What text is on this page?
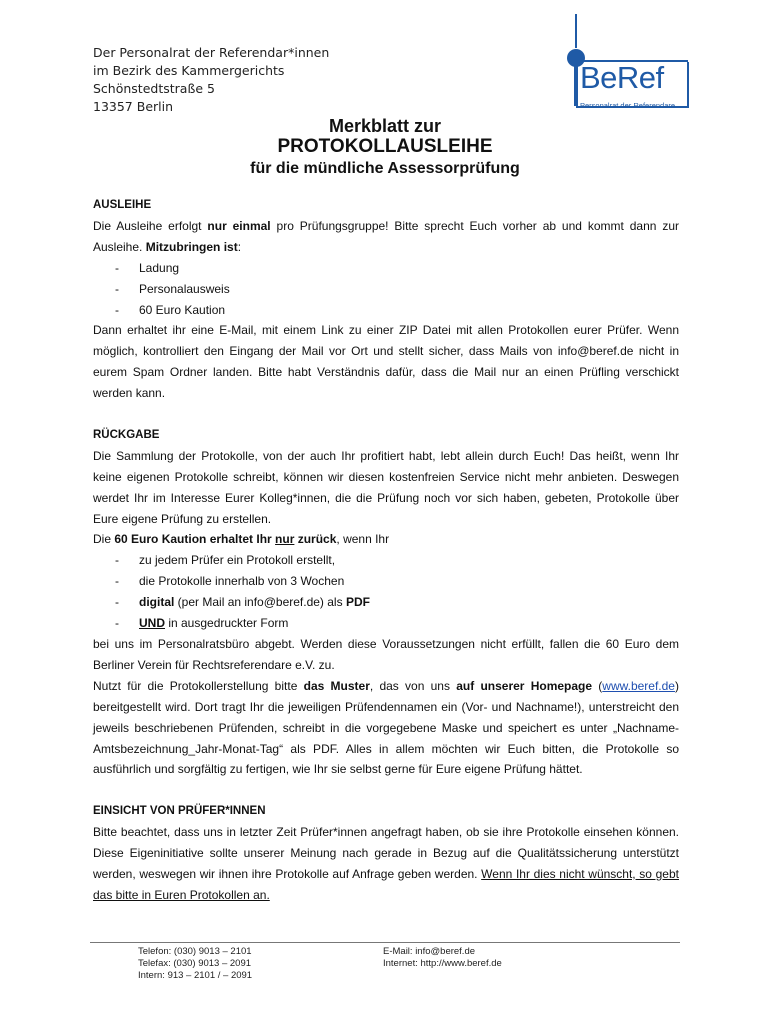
Der Personalrat der Referendar*innen
im Bezirk des Kammergerichts
Schönstedtstraße 5
13357 Berlin
BeRef
Personalrat der Referendare
Merkblatt zur
PROTOKOLLAUSLEIHE
für die mündliche Assessorprüfung

AUSLEIHE

Die Ausleihe erfolgt nur einmal pro Prüfungsgruppe! Bitte sprecht Euch vorher ab und kommt dann zur Ausleihe. Mitzubringen ist:

- Ladung
- Personalausweis
- 60 Euro Kaution

Dann erhaltet ihr eine E-Mail, mit einem Link zu einer ZIP Datei mit allen Protokollen eurer Prüfer. Wenn möglich, kontrolliert den Eingang der Mail vor Ort und stellt sicher, dass Mails von info@beref.de nicht in eurem Spam Ordner landen. Bitte habt Verständnis dafür, dass die Mail nur an einen Prüfling verschickt werden kann.

RÜCKGABE

Die Sammlung der Protokolle, von der auch Ihr profitiert habt, lebt allein durch Euch! Das heißt, wenn Ihr keine eigenen Protokolle schreibt, können wir diesen kostenfreien Service nicht mehr anbieten. Deswegen werdet Ihr im Interesse Eurer Kolleg*innen, die die Prüfung noch vor sich haben, gebeten, Protokolle über Eure eigene Prüfung zu erstellen.

Die 60 Euro Kaution erhaltet Ihr nur zurück, wenn Ihr

- zu jedem Prüfer ein Protokoll erstellt,
- die Protokolle innerhalb von 3 Wochen
- digital (per Mail an info@beref.de) als PDF
- UND in ausgedruckter Form

bei uns im Personalratsbüro abgebt. Werden diese Voraussetzungen nicht erfüllt, fallen die 60 Euro dem Berliner Verein für Rechtsreferendare e.V. zu.

Nutzt für die Protokollerstellung bitte das Muster, das von uns auf unserer Homepage (www.beref.de) bereitgestellt wird. Dort tragt Ihr die jeweiligen Prüfendennamen ein (Vor- und Nachname!), unterstreicht den jeweils beschriebenen Prüfenden, schreibt in die vorgegebene Maske und speichert es unter „Nachname-Amtsbezeichnung_Jahr-Monat-Tag“ als PDF. Alles in allem möchten wir Euch bitten, die Protokolle so ausführlich und sorgfältig zu fertigen, wie Ihr sie selbst gerne für Eure eigene Prüfung hättet.

EINSICHT VON PRÜFER*INNEN

Bitte beachtet, dass uns in letzter Zeit Prüfer*innen angefragt haben, ob sie ihre Protokolle einsehen können. Diese Eigeninitiative sollte unserer Meinung nach gerade in Bezug auf die Qualitätssicherung unterstützt werden, weswegen wir ihnen ihre Protokolle auf Anfrage geben werden. Wenn Ihr dies nicht wünscht, so gebt das bitte in Euren Protokollen an.

Telefon: (030) 9013 – 2101
Telefax: (030) 9013 – 2091
Intern: 913 – 2101 / – 2091
E-Mail: info@beref.de
Internet: http://www.beref.de
